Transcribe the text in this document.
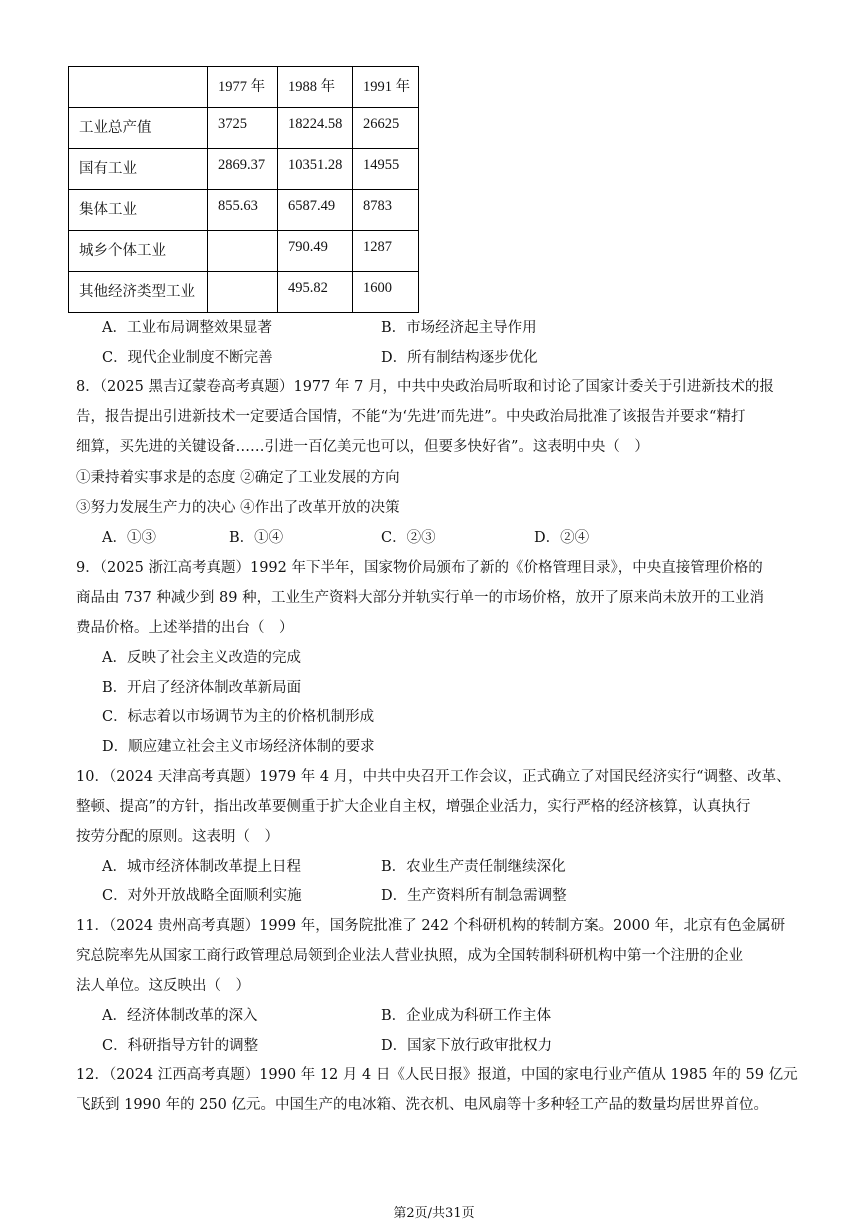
	1977 年	1988 年	1991 年
工业总产值	3725	18224.58	26625
国有工业	2869.37	10351.28	14955
集体工业	855.63	6587.49	8783
城乡个体工业		790.49	1287
其他经济类型工业		495.82	1600
A．工业布局调整效果显著	B．市场经济起主导作用
C．现代企业制度不断完善	D．所有制结构逐步优化
8．（2025 黑吉辽蒙卷高考真题）1977 年 7 月，中共中央政治局听取和讨论了国家计委关于引进新技术的报
告，报告提出引进新技术一定要适合国情，不能“为‘先进’而先进”。中央政治局批准了该报告并要求“精打
细算，买先进的关键设备……引进一百亿美元也可以，但要多快好省”。这表明中央（　）
①秉持着实事求是的态度 ②确定了工业发展的方向
③努力发展生产力的决心 ④作出了改革开放的决策
A．①③	B．①④	C．②③	D．②④
9．（2025 浙江高考真题）1992 年下半年，国家物价局颁布了新的《价格管理目录》，中央直接管理价格的
商品由 737 种减少到 89 种，工业生产资料大部分并轨实行单一的市场价格，放开了原来尚未放开的工业消
费品价格。上述举措的出台（　）
A．反映了社会主义改造的完成
B．开启了经济体制改革新局面
C．标志着以市场调节为主的价格机制形成
D．顺应建立社会主义市场经济体制的要求
10．（2024 天津高考真题）1979 年 4 月，中共中央召开工作会议，正式确立了对国民经济实行“调整、改革、
整顿、提高”的方针，指出改革要侧重于扩大企业自主权，增强企业活力，实行严格的经济核算，认真执行
按劳分配的原则。这表明（　）
A．城市经济体制改革提上日程	B．农业生产责任制继续深化
C．对外开放战略全面顺利实施	D．生产资料所有制急需调整
11．（2024 贵州高考真题）1999 年，国务院批准了 242 个科研机构的转制方案。2000 年，北京有色金属研
究总院率先从国家工商行政管理总局领到企业法人营业执照，成为全国转制科研机构中第一个注册的企业
法人单位。这反映出（　）
A．经济体制改革的深入	B．企业成为科研工作主体
C．科研指导方针的调整	D．国家下放行政审批权力
12．（2024 江西高考真题）1990 年 12 月 4 日《人民日报》报道，中国的家电行业产值从 1985 年的 59 亿元
飞跃到 1990 年的 250 亿元。中国生产的电冰箱、洗衣机、电风扇等十多种轻工产品的数量均居世界首位。
第2页/共31页
